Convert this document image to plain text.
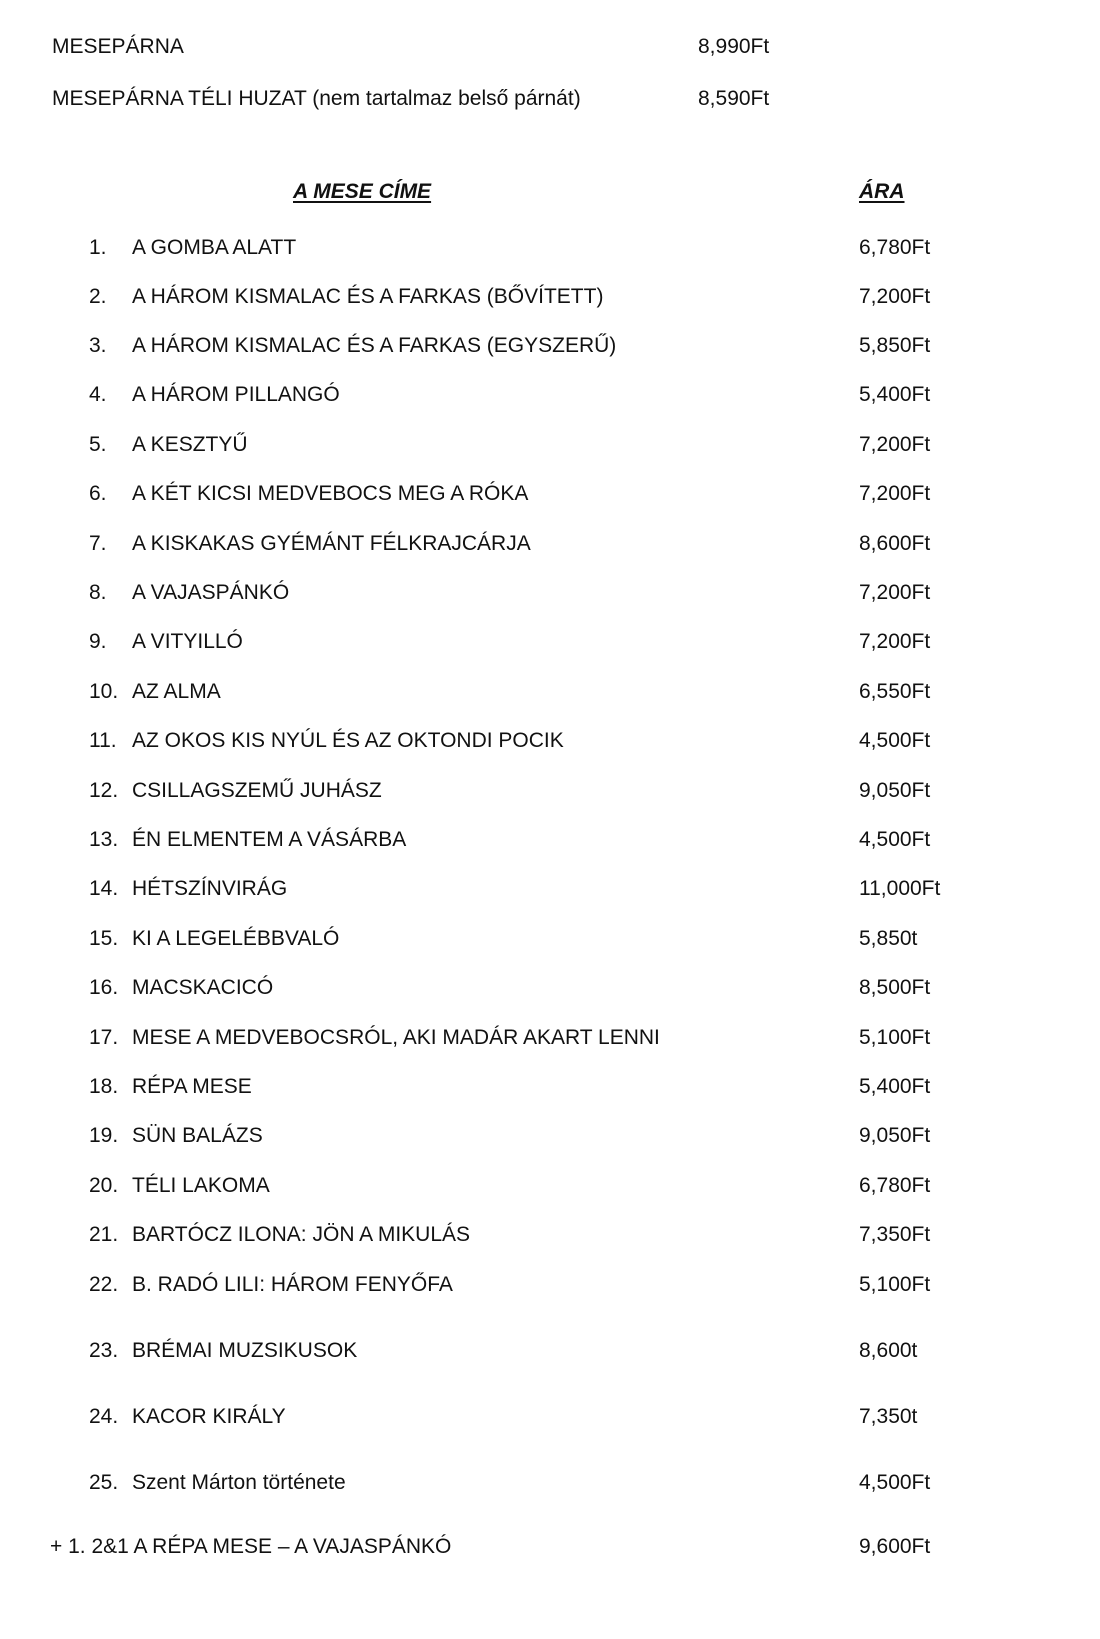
MESEPÁRNA	8,990Ft
MESEPÁRNA TÉLI HUZAT (nem tartalmaz belső párnát)	8,590Ft
A MESE CÍME	ÁRA
1. A GOMBA ALATT	6,780Ft
2. A HÁROM KISMALAC ÉS A FARKAS (BŐVÍTETT)	7,200Ft
3. A HÁROM KISMALAC ÉS A FARKAS (EGYSZERŰ)	5,850Ft
4. A HÁROM PILLANGÓ	5,400Ft
5. A KESZTYŰ	7,200Ft
6. A KÉT KICSI MEDVEBOCS MEG A RÓKA	7,200Ft
7. A KISKAKAS GYÉMÁNT FÉLKRAJCÁRJA	8,600Ft
8. A VAJASPÁNKÓ	7,200Ft
9. A VITYILLÓ	7,200Ft
10. AZ ALMA	6,550Ft
11. AZ OKOS KIS NYÚL ÉS AZ OKTONDI POCIK	4,500Ft
12. CSILLAGSZEMŰ JUHÁSZ	9,050Ft
13. ÉN ELMENTEM A VÁSÁRBA	4,500Ft
14. HÉTSZÍNVIRÁG	11,000Ft
15. KI A LEGELÉBBVALÓ	5,850t
16. MACSKACICÓ	8,500Ft
17. MESE A MEDVEBOCSRÓL, AKI MADÁR AKART LENNI	5,100Ft
18. RÉPA MESE	5,400Ft
19. SÜN BALÁZS	9,050Ft
20. TÉLI LAKOMA	6,780Ft
21. BARTÓCZ ILONA: JÖN A MIKULÁS	7,350Ft
22. B. RADÓ LILI: HÁROM FENYŐFA	5,100Ft
23. BRÉMAI MUZSIKUSOK	8,600t
24. KACOR KIRÁLY	7,350t
25. Szent Márton története	4,500Ft
+ 1. 2&1 A RÉPA MESE – A VAJASPÁNKÓ	9,600Ft
